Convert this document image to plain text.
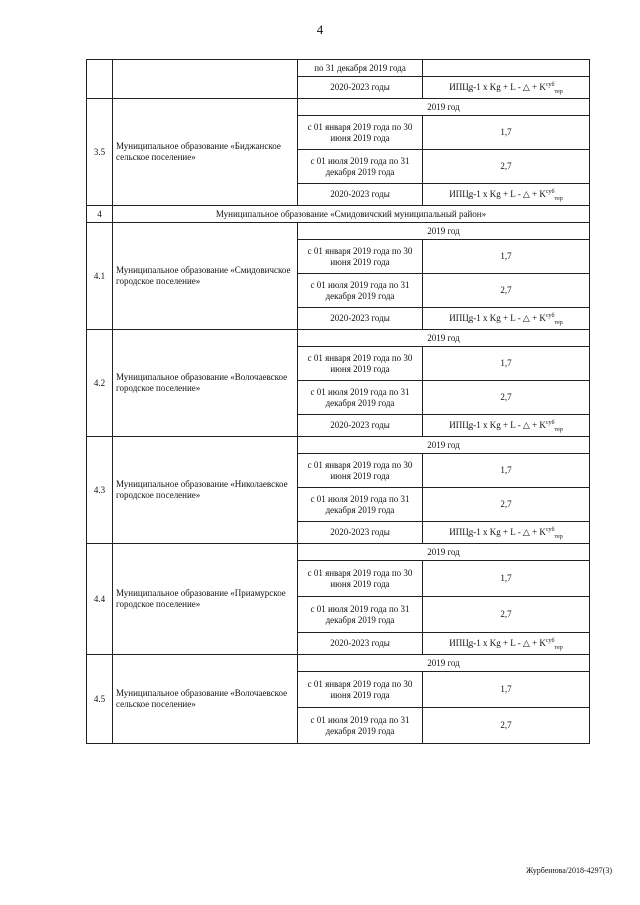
4
		по 31 декабря 2019 года	
		2020-2023 годы	ИПЦg-1 x Kg + L - △ + $K^{суб}_{тер}$
3.5	Муниципальное образование «Биджанское сельское поселение»	2019 год	
		с 01 января 2019 года по 30 июня 2019 года	1,7
		с 01 июля 2019 года по 31 декабря 2019 года	2,7
		2020-2023 годы	ИПЦg-1 x Kg + L - △ + $K^{суб}_{тер}$
4	Муниципальное образование «Смидовичский муниципальный район»		
4.1	Муниципальное образование «Смидовичское городское поселение»	2019 год	
		с 01 января 2019 года по 30 июня 2019 года	1,7
		с 01 июля 2019 года по 31 декабря 2019 года	2,7
		2020-2023 годы	ИПЦg-1 x Kg + L - △ + $K^{суб}_{тер}$
4.2	Муниципальное образование «Волочаевское городское поселение»	2019 год	
		с 01 января 2019 года по 30 июня 2019 года	1,7
		с 01 июля 2019 года по 31 декабря 2019 года	2,7
		2020-2023 годы	ИПЦg-1 x Kg + L - △ + $K^{суб}_{тер}$
4.3	Муниципальное образование «Николаевское городское поселение»	2019 год	
		с 01 января 2019 года по 30 июня 2019 года	1,7
		с 01 июля 2019 года по 31 декабря 2019 года	2,7
		2020-2023 годы	ИПЦg-1 x Kg + L - △ + $K^{суб}_{тер}$
4.4	Муниципальное образование «Приамурское городское поселение»	2019 год	
		с 01 января 2019 года по 30 июня 2019 года	1,7
		с 01 июля 2019 года по 31 декабря 2019 года	2,7
		2020-2023 годы	ИПЦg-1 x Kg + L - △ + $K^{суб}_{тер}$
4.5	Муниципальное образование «Волочаевское сельское поселение»	2019 год	
		с 01 января 2019 года по 30 июня 2019 года	1,7
		с 01 июля 2019 года по 31 декабря 2019 года	2,7
Журбенюва/2018-4297(3)
